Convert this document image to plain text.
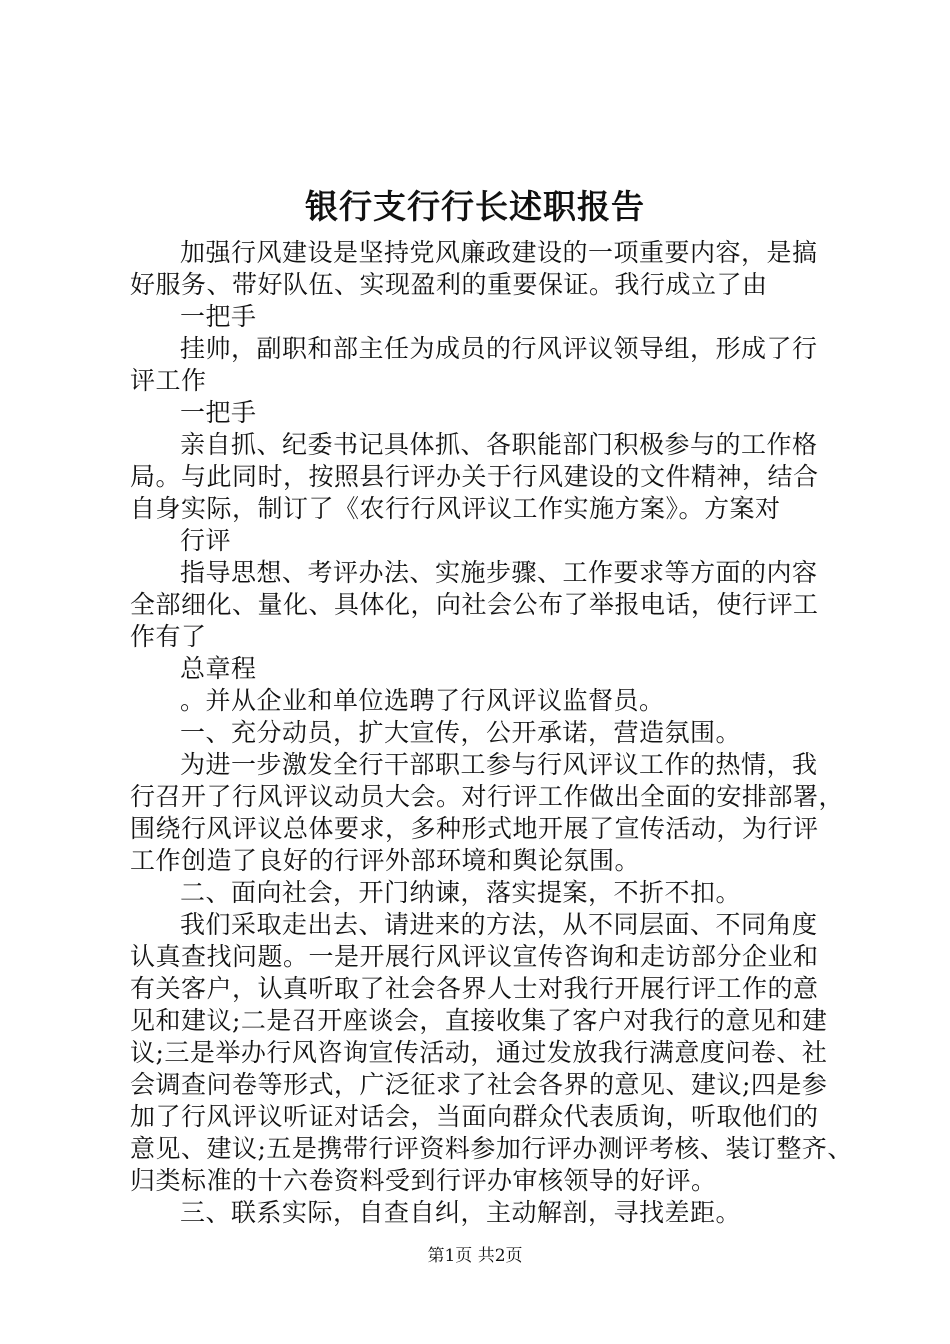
银行支行行长述职报告
加强行风建设是坚持党风廉政建设的一项重要内容，是搞
好服务、带好队伍、实现盈利的重要保证。我行成立了由
一把手
挂帅，副职和部主任为成员的行风评议领导组，形成了行
评工作
一把手
亲自抓、纪委书记具体抓、各职能部门积极参与的工作格
局。与此同时，按照县行评办关于行风建设的文件精神，结合
自身实际，制订了《农行行风评议工作实施方案》。方案对
行评
指导思想、考评办法、实施步骤、工作要求等方面的内容
全部细化、量化、具体化，向社会公布了举报电话，使行评工
作有了
总章程
。并从企业和单位选聘了行风评议监督员。
一、充分动员，扩大宣传，公开承诺，营造氛围。
为进一步激发全行干部职工参与行风评议工作的热情，我
行召开了行风评议动员大会。对行评工作做出全面的安排部署，
围绕行风评议总体要求，多种形式地开展了宣传活动，为行评
工作创造了良好的行评外部环境和舆论氛围。
二、面向社会，开门纳谏，落实提案，不折不扣。
我们采取走出去、请进来的方法，从不同层面、不同角度
认真查找问题。一是开展行风评议宣传咨询和走访部分企业和
有关客户，认真听取了社会各界人士对我行开展行评工作的意
见和建议;二是召开座谈会，直接收集了客户对我行的意见和建
议;三是举办行风咨询宣传活动，通过发放我行满意度问卷、社
会调查问卷等形式，广泛征求了社会各界的意见、建议;四是参
加了行风评议听证对话会，当面向群众代表质询，听取他们的
意见、建议;五是携带行评资料参加行评办测评考核、装订整齐、
归类标准的十六卷资料受到行评办审核领导的好评。
三、联系实际，自查自纠，主动解剖，寻找差距。
第1页 共2页
